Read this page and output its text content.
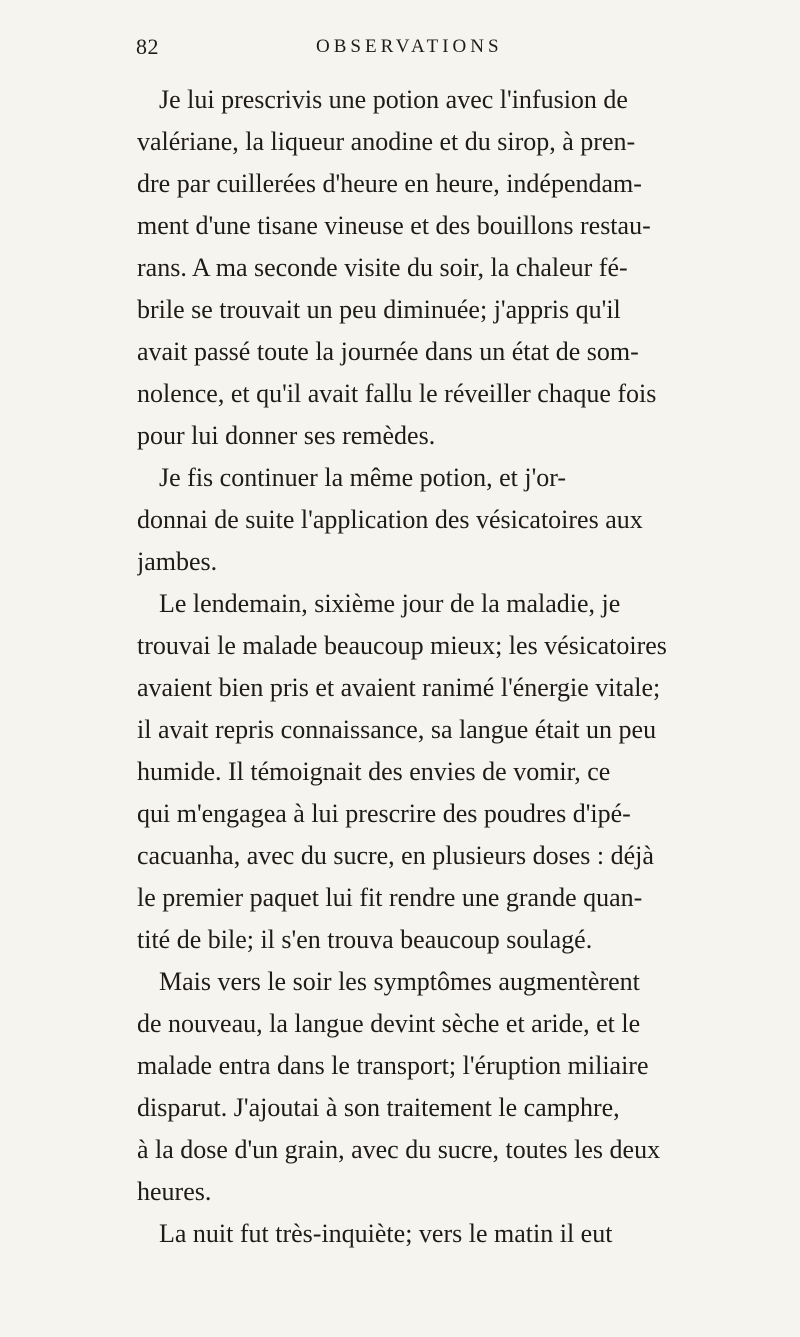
82	OBSERVATIONS
Je lui prescrivis une potion avec l'infusion de
valériane, la liqueur anodine et du sirop, à pren-
dre par cuillerées d'heure en heure, indépendam-
ment d'une tisane vineuse et des bouillons restau-
rans. A ma seconde visite du soir, la chaleur fé-
brile se trouvait un peu diminuée; j'appris qu'il
avait passé toute la journée dans un état de som-
nolence, et qu'il avait fallu le réveiller chaque fois
pour lui donner ses remèdes.
Je fis continuer la même potion, et j'or-
donnai de suite l'application des vésicatoires aux
jambes.
Le lendemain, sixième jour de la maladie, je
trouvai le malade beaucoup mieux; les vésicatoires
avaient bien pris et avaient ranimé l'énergie vitale;
il avait repris connaissance, sa langue était un peu
humide. Il témoignait des envies de vomir, ce
qui m'engagea à lui prescrire des poudres d'ipé-
cacuanha, avec du sucre, en plusieurs doses : déjà
le premier paquet lui fit rendre une grande quan-
tité de bile; il s'en trouva beaucoup soulagé.
Mais vers le soir les symptômes augmentèrent
de nouveau, la langue devint sèche et aride, et le
malade entra dans le transport; l'éruption miliaire
disparut. J'ajoutai à son traitement le camphre,
à la dose d'un grain, avec du sucre, toutes les deux
heures.
La nuit fut très-inquiète; vers le matin il eut
